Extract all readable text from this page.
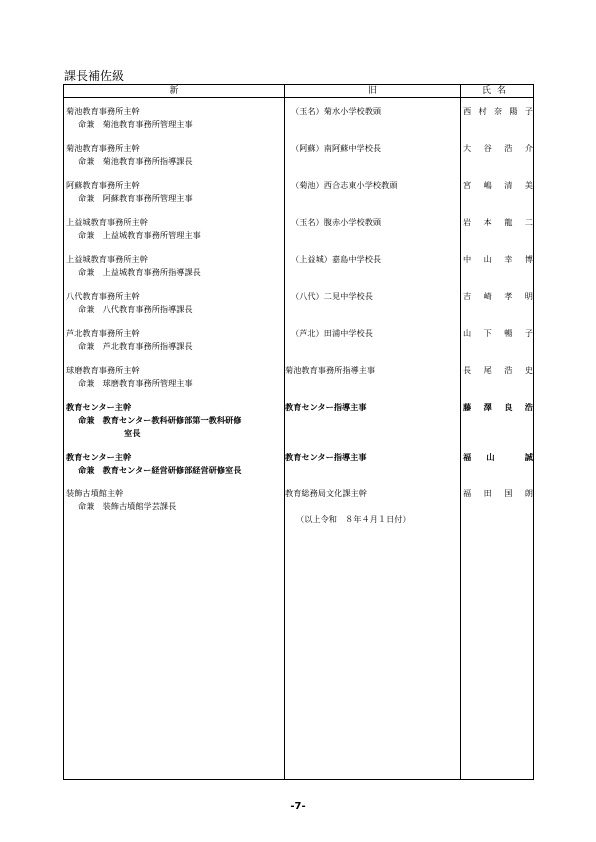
課長補佐級
新	旧	氏名
菊池教育事務所主幹
命兼　菊池教育事務所管理主事
（玉名）菊水小学校教頭	西 村 奈 陽 子
菊池教育事務所主幹
命兼　菊池教育事務所指導課長
（阿蘇）南阿蘇中学校長	大 谷 浩 介
阿蘇教育事務所主幹
命兼　阿蘇教育事務所管理主事
（菊池）西合志東小学校教頭	宮 嶋 清 美
上益城教育事務所主幹
命兼　上益城教育事務所管理主事
（玉名）腹赤小学校教頭	岩 本 龍 二
上益城教育事務所主幹
命兼　上益城教育事務所指導課長
（上益城）嘉島中学校長	中 山 幸 博
八代教育事務所主幹
命兼　八代教育事務所指導課長
（八代）二見中学校長	吉 崎 孝 明
芦北教育事務所主幹
命兼　芦北教育事務所指導課長
（芦北）田浦中学校長	山 下 暢 子
球磨教育事務所主幹
命兼　球磨教育事務所管理主事
菊池教育事務所指導主事	長 尾 浩 史
教育センター主幹
命兼　教育センター教科研修部第一教科研修
室長
教育センター指導主事	藤 澤 良 浩
教育センター主幹
命兼　教育センター経営研修部経営研修室長
教育センター指導主事	福 山	誠
装飾古墳館主幹
命兼　装飾古墳館学芸課長
教育総務局文化課主幹	福 田 国 朗
（以上令和　８年４月１日付）
-7-
